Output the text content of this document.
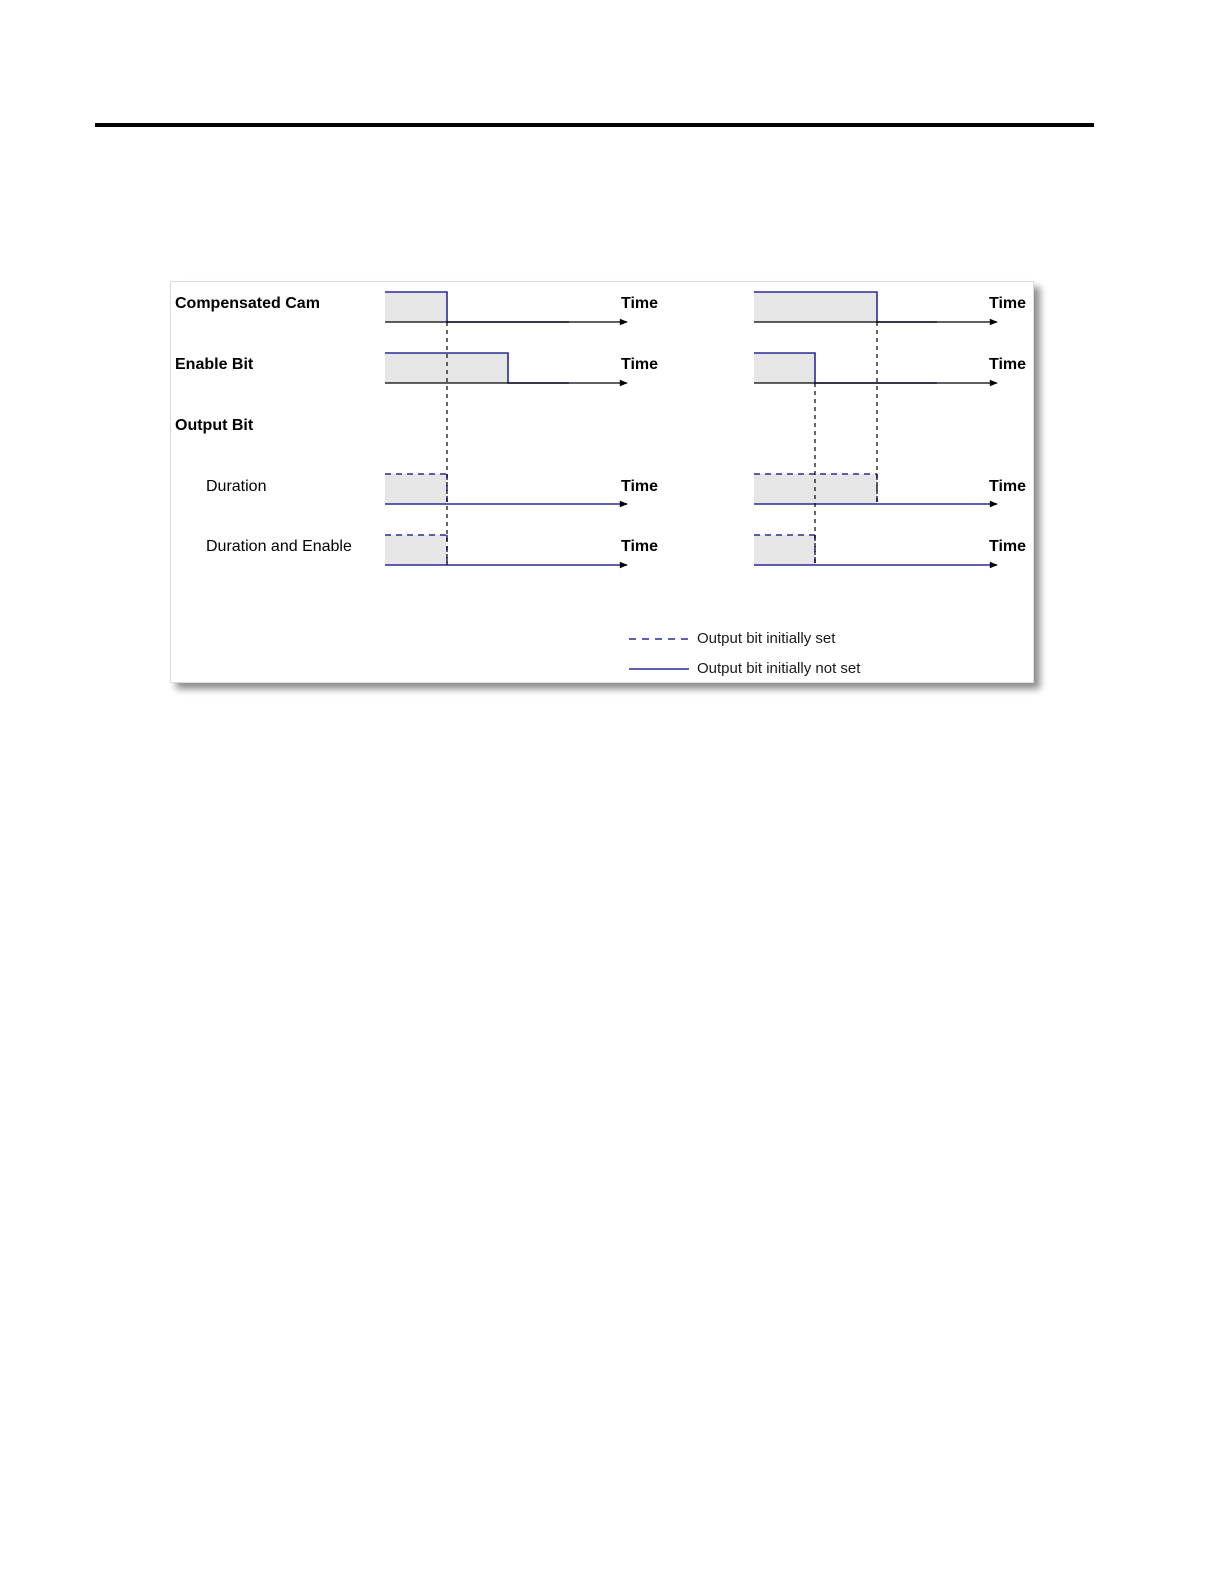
Compensated Cam
Enable Bit
Output Bit
Duration
Duration and Enable
Time
Time
Time
Time
Time
Time
Time
Time
Output bit initially set
Output bit initially not set
